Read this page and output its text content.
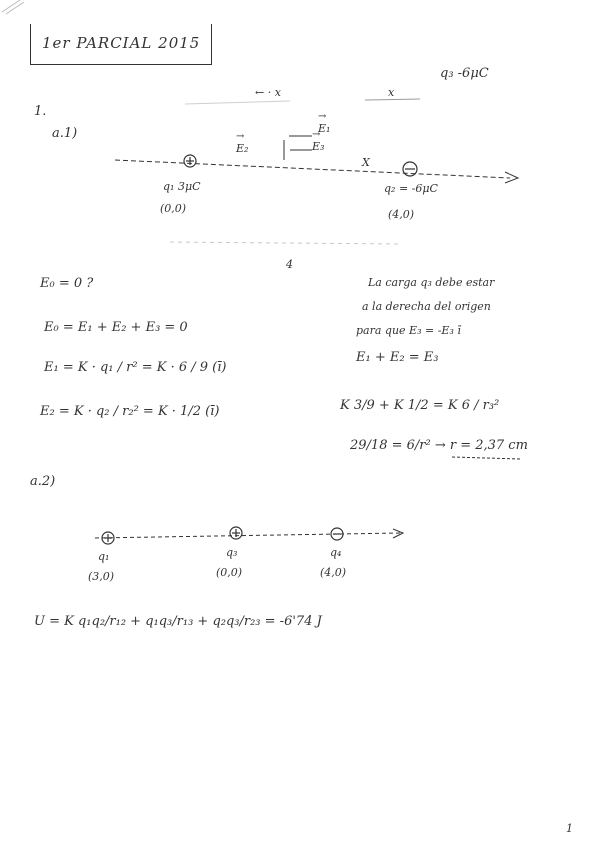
1er PARCIAL 2015
q₃ -6μC
← · x	x
1.
a.1)
→ E₂
→ E₁
→ E₃
X
q₁ 3μC
(0,0)
q₂ = -6μC
(4,0)
4
E₀ = 0 ?
E₀ = E₁ + E₂ + E₃ = 0
E₁ = K · q₁ / r² = K · 6 / 9 (ī)
E₂ = K · q₂ / r₂² = K · 1/2 (ī)
La carga q₃ debe estar
a la derecha del origen
para que E₃ = -E₃ ī
E₁ + E₂ = E₃
K 3/9 + K 1/2 = K 6 / r₃²
29/18 = 6/r² → r = 2,37 cm
a.2)
q₁
(3,0)
q₃
(0,0)
q₄
(4,0)
U = K q₁q₂/r₁₂ + q₁q₃/r₁₃ + q₂q₃/r₂₃ = -6'74 J
1
